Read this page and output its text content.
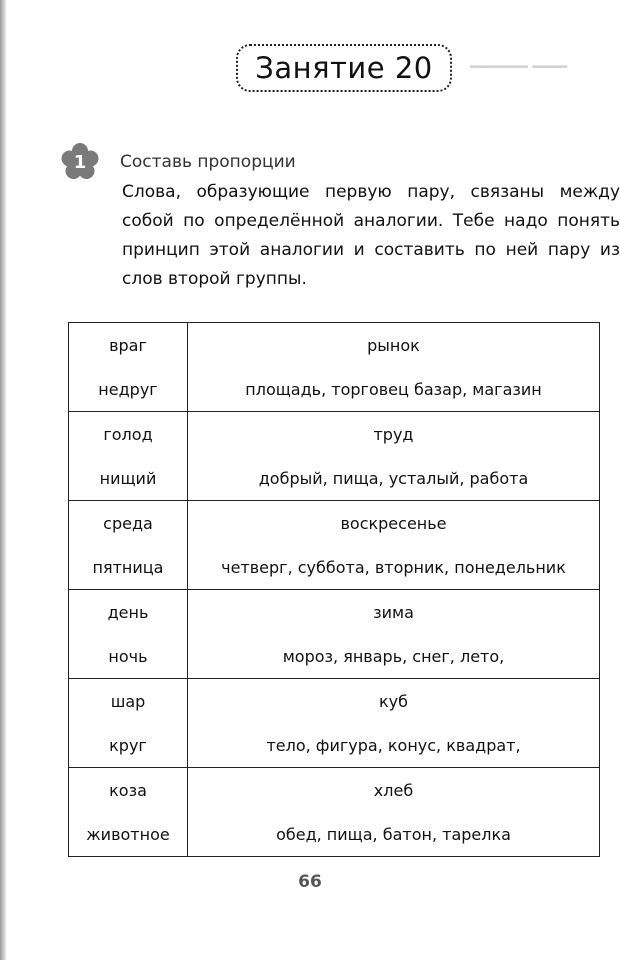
▁▁▁▁▁ ▁▁▁
Занятие 20
1	Составь пропорции
Слова, образующие первую пару, связаны между собой по определённой аналогии. Тебе надо понять принцип этой аналогии и составить по ней пару из слов второй группы.
враг	рынок
недруг	площадь, торговец базар, магазин
голод	труд
нищий	добрый, пища, усталый, работа
среда	воскресенье
пятница	четверг, суббота, вторник, понедельник
день	зима
ночь	мороз, январь, снег, лето,
шар	куб
круг	тело, фигура, конус, квадрат,
коза	хлеб
животное	обед, пища, батон, тарелка
66
